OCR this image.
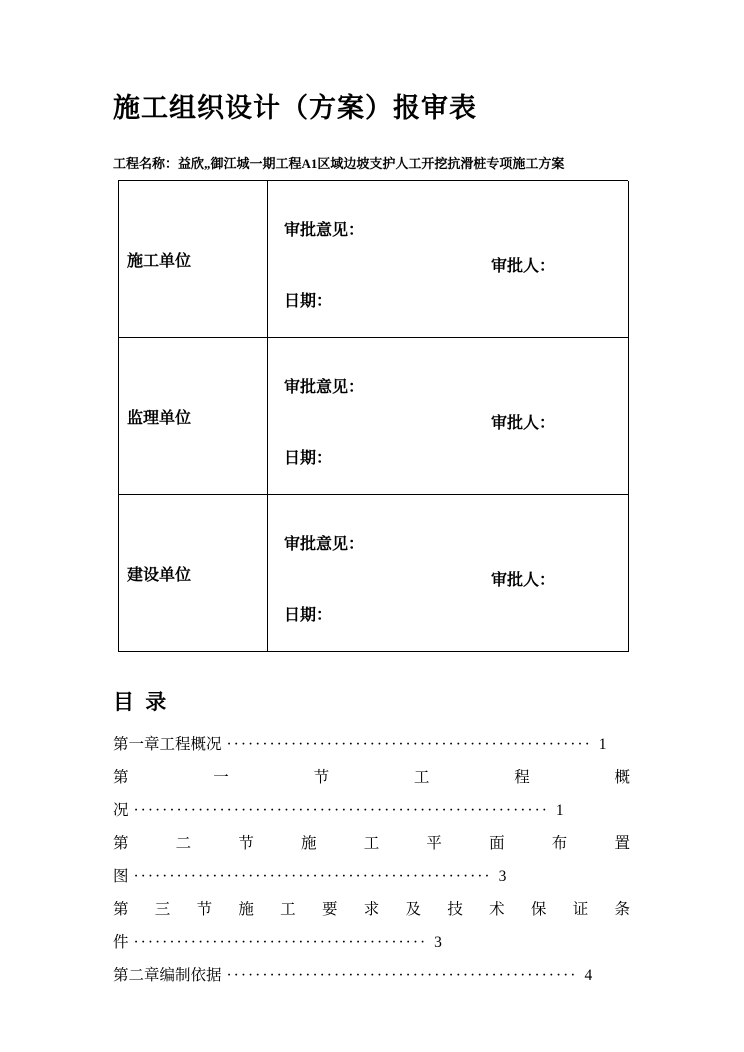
施工组织设计（方案）报审表

工程名称：益欣„御江城一期工程A1区域边坡支护人工开挖抗滑桩专项施工方案

施工单位
审批意见：
审批人：
日期：
监理单位
审批意见：
审批人：
日期：
建设单位
审批意见：
审批人：
日期：
目 录
第一章工程概况 ··················································· 1
第 一 节 工 程 概
况 ·························································· 1
第 二 节 施 工 平 面 布 置
图 ·················································· 3
第 三 节 施 工 要 求 及 技 术 保 证 条
件 ········································· 3
第二章编制依据 ················································· 4
